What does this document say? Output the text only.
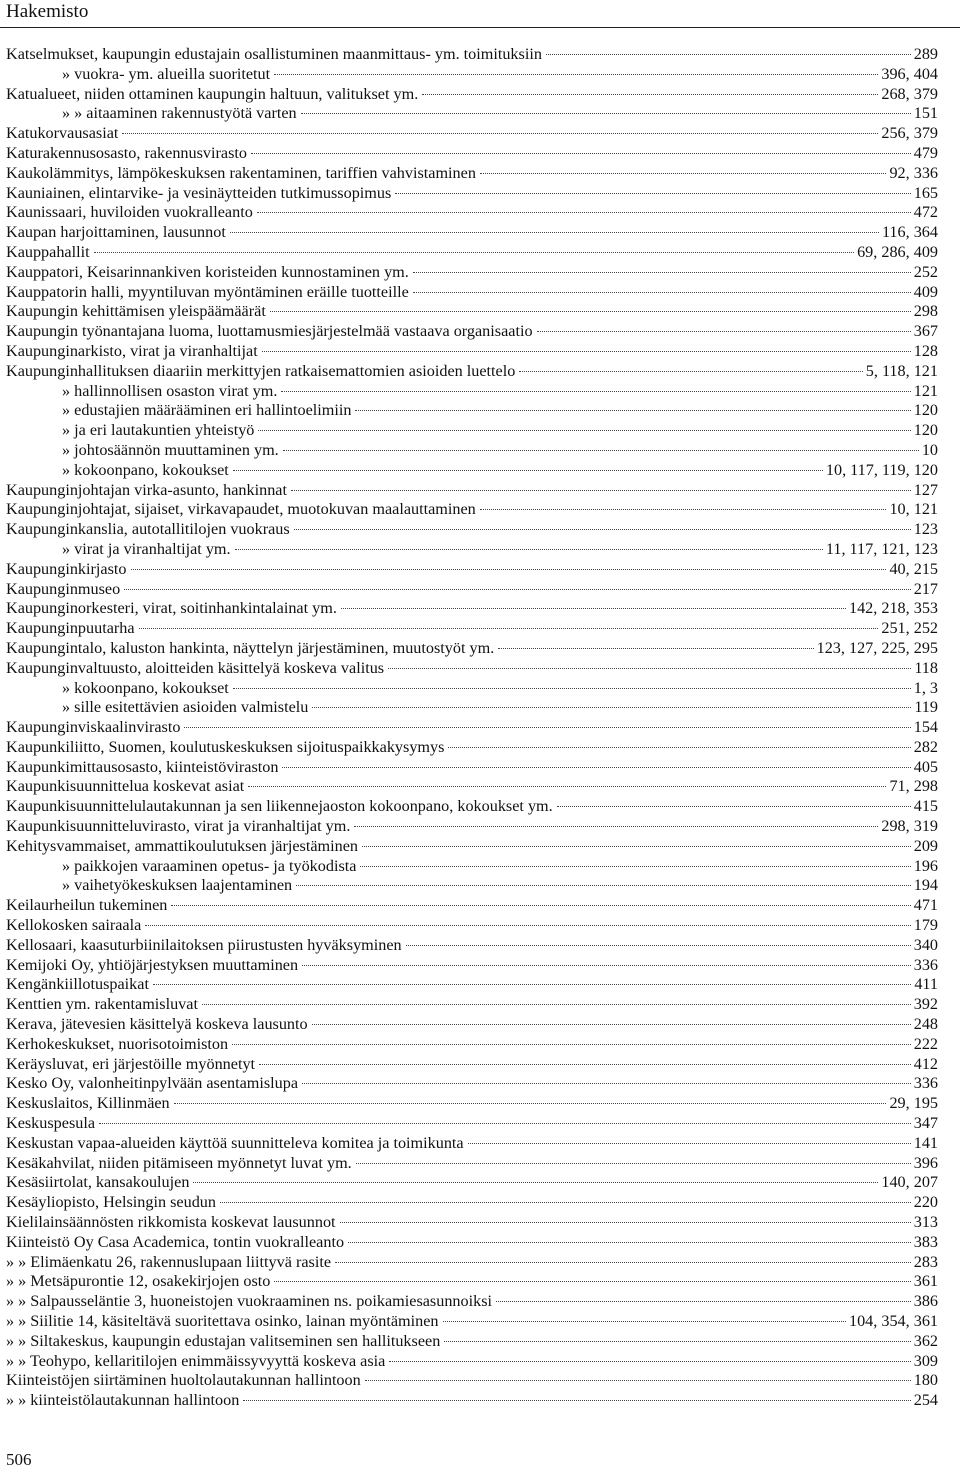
Hakemisto
Katselmukset, kaupungin edustajain osallistuminen maanmittaus- ym. toimituksiin	289
» vuokra- ym. alueilla suoritetut	396, 404
Katualueet, niiden ottaminen kaupungin haltuun, valitukset ym.	268, 379
» » aitaaminen rakennustyötä varten	151
Katukorvausasiat	256, 379
Katurakennusosasto, rakennusvirasto	479
Kaukolämmitys, lämpökeskuksen rakentaminen, tariffien vahvistaminen	92, 336
Kauniainen, elintarvike- ja vesinäytteiden tutkimussopimus	165
Kaunissaari, huviloiden vuokralleanto	472
Kaupan harjoittaminen, lausunnot	116, 364
Kauppahallit	69, 286, 409
Kauppatori, Keisarinnankiven koristeiden kunnostaminen ym.	252
Kauppatorin halli, myyntiluvan myöntäminen eräille tuotteille	409
Kaupungin kehittämisen yleispäämäärät	298
Kaupungin työnantajana luoma, luottamusmiesjärjestelmää vastaava organisaatio	367
Kaupunginarkisto, virat ja viranhaltijat	128
Kaupunginhallituksen diaariin merkittyjen ratkaisemattomien asioiden luettelo	5, 118, 121
» hallinnollisen osaston virat ym.	121
» edustajien määrääminen eri hallintoelimiin	120
» ja eri lautakuntien yhteistyö	120
» johtosäännön muuttaminen ym.	10
» kokoonpano, kokoukset	10, 117, 119, 120
Kaupunginjohtajan virka-asunto, hankinnat	127
Kaupunginjohtajat, sijaiset, virkavapaudet, muotokuvan maalauttaminen	10, 121
Kaupunginkanslia, autotallitilojen vuokraus	123
» virat ja viranhaltijat ym.	11, 117, 121, 123
Kaupunginkirjasto	40, 215
Kaupunginmuseo	217
Kaupunginorkesteri, virat, soitinhankintalainat ym.	142, 218, 353
Kaupunginpuutarha	251, 252
Kaupungintalo, kaluston hankinta, näyttelyn järjestäminen, muutostyöt ym.	123, 127, 225, 295
Kaupunginvaltuusto, aloitteiden käsittelyä koskeva valitus	118
» kokoonpano, kokoukset	1, 3
» sille esitettävien asioiden valmistelu	119
Kaupunginviskaalinvirasto	154
Kaupunkiliitto, Suomen, koulutuskeskuksen sijoituspaikkakysymys	282
Kaupunkimittausosasto, kiinteistöviraston	405
Kaupunkisuunnittelua koskevat asiat	71, 298
Kaupunkisuunnittelulautakunnan ja sen liikennejaoston kokoonpano, kokoukset ym.	415
Kaupunkisuunnitteluvirasto, virat ja viranhaltijat ym.	298, 319
Kehitysvammaiset, ammattikoulutuksen järjestäminen	209
» paikkojen varaaminen opetus- ja työkodista	196
» vaihetyökeskuksen laajentaminen	194
Keilaurheilun tukeminen	471
Kellokosken sairaala	179
Kellosaari, kaasuturbiinilaitoksen piirustusten hyväksyminen	340
Kemijoki Oy, yhtiöjärjestyksen muuttaminen	336
Kengänkiillotuspaikat	411
Kenttien ym. rakentamisluvat	392
Kerava, jätevesien käsittelyä koskeva lausunto	248
Kerhokeskukset, nuorisotoimiston	222
Keräysluvat, eri järjestöille myönnetyt	412
Kesko Oy, valonheitinpylvään asentamislupa	336
Keskuslaitos, Killinmäen	29, 195
Keskuspesula	347
Keskustan vapaa-alueiden käyttöä suunnitteleva komitea ja toimikunta	141
Kesäkahvilat, niiden pitämiseen myönnetyt luvat ym.	396
Kesäsiirtolat, kansakoulujen	140, 207
Kesäyliopisto, Helsingin seudun	220
Kielilainsäännösten rikkomista koskevat lausunnot	313
Kiinteistö Oy Casa Academica, tontin vuokralleanto	383
» » Elimäenkatu 26, rakennuslupaan liittyvä rasite	283
» » Metsäpurontie 12, osakekirjojen osto	361
» » Salpausseläntie 3, huoneistojen vuokraaminen ns. poikamiesasunnoiksi	386
» » Siilitie 14, käsiteltävä suoritettava osinko, lainan myöntäminen	104, 354, 361
» » Siltakeskus, kaupungin edustajan valitseminen sen hallitukseen	362
» » Teohypo, kellaritilojen enimmäissyvyyttä koskeva asia	309
Kiinteistöjen siirtäminen huoltolautakunnan hallintoon	180
» » kiinteistölautakunnan hallintoon	254
506
